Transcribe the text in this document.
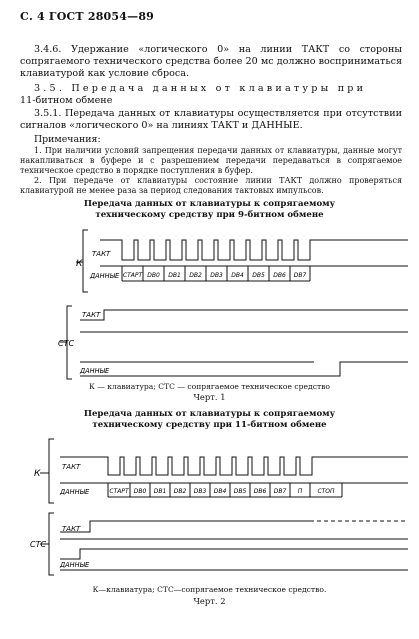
С. 4 ГОСТ 28054—89
3.4.6. Удержание «логического 0» на линии ТАКТ со стороны сопрягаемого технического средства более 20 мс должно восприниматься клавиатурой как условие сброса.
3.5. Передача данных от клавиатуры при
11-битном обмене
3.5.1. Передача данных от клавиатуры осуществляется при отсутствии сигналов «логического 0» на линиях ТАКТ и ДАННЫЕ.
Примечания:
1. При наличии условий запрещения передачи данных от клавиатуры, данные могут накапливаться в буфере и с разрешением передачи передаваться в сопрягаемое техническое средство в порядке поступления в буфер.
2. При передаче от клавиатуры состояние линии ТАКТ должно проверяться клавиатурой не менее раза за период следования тактовых импульсов.
Передача данных от клавиатуры к сопрягаемому
техническому средству при 9-битном обмене
К
СТС
ТАКТ
ДАННЫЕ
ТАКТ
ДАННЫЕ
СТАРТ DB0 DB1 DB2 DB3 DB4 DB5 DB6 DB7
К — клавиатура; СТС — сопрягаемое техническое средство
Черт. 1
Передача данных от клавиатуры к сопрягаемому
техническому средству при 11-битном обмене
К
СТС
ТАКТ
ДАННЫЕ
ТАКТ
ДАННЫЕ
СТАРТ DB0 DB1 DB2 DB3 DB4 DB5 DB6 DB7 П	СТОП
К—клавиатура; СТС—сопрягаемое техническое средство.
Черт. 2
